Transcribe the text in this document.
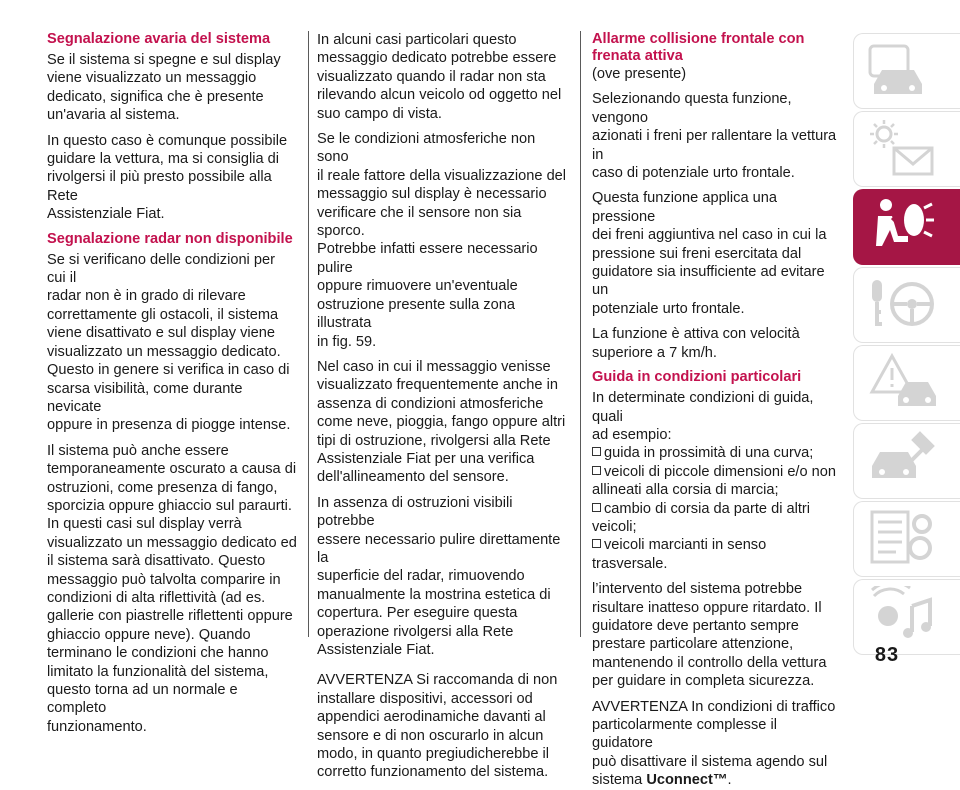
Segnalazione avaria del sistema

Se il sistema si spegne e sul display
viene visualizzato un messaggio
dedicato, significa che è presente
un'avaria al sistema.

In questo caso è comunque possibile
guidare la vettura, ma si consiglia di
rivolgersi il più presto possibile alla Rete
Assistenziale Fiat.

Segnalazione radar non disponibile

Se si verificano delle condizioni per cui il
radar non è in grado di rilevare
correttamente gli ostacoli, il sistema
viene disattivato e sul display viene
visualizzato un messaggio dedicato.
Questo in genere si verifica in caso di
scarsa visibilità, come durante nevicate
oppure in presenza di piogge intense.

Il sistema può anche essere
temporaneamente oscurato a causa di
ostruzioni, come presenza di fango,
sporcizia oppure ghiaccio sul paraurti.
In questi casi sul display verrà
visualizzato un messaggio dedicato ed
il sistema sarà disattivato. Questo
messaggio può talvolta comparire in
condizioni di alta riflettività (ad es.
gallerie con piastrelle riflettenti oppure
ghiaccio oppure neve). Quando
terminano le condizioni che hanno
limitato la funzionalità del sistema,
questo torna ad un normale e completo
funzionamento.

In alcuni casi particolari questo
messaggio dedicato potrebbe essere
visualizzato quando il radar non sta
rilevando alcun veicolo od oggetto nel
suo campo di vista.

Se le condizioni atmosferiche non sono
il reale fattore della visualizzazione del
messaggio sul display è necessario
verificare che il sensore non sia sporco.
Potrebbe infatti essere necessario pulire
oppure rimuovere un'eventuale
ostruzione presente sulla zona illustrata
in fig. 59.

Nel caso in cui il messaggio venisse
visualizzato frequentemente anche in
assenza di condizioni atmosferiche
come neve, pioggia, fango oppure altri
tipi di ostruzione, rivolgersi alla Rete
Assistenziale Fiat per una verifica
dell'allineamento del sensore.

In assenza di ostruzioni visibili potrebbe
essere necessario pulire direttamente la
superficie del radar, rimuovendo
manualmente la mostrina estetica di
copertura. Per eseguire questa
operazione rivolgersi alla Rete
Assistenziale Fiat.

AVVERTENZA Si raccomanda di non
installare dispositivi, accessori od
appendici aerodinamiche davanti al
sensore e di non oscurarlo in alcun
modo, in quanto pregiudicherebbe il
corretto funzionamento del sistema.

Allarme collisione frontale con
frenata attiva

(ove presente)

Selezionando questa funzione, vengono
azionati i freni per rallentare la vettura in
caso di potenziale urto frontale.

Questa funzione applica una pressione
dei freni aggiuntiva nel caso in cui la
pressione sui freni esercitata dal
guidatore sia insufficiente ad evitare un
potenziale urto frontale.

La funzione è attiva con velocità
superiore a 7 km/h.

Guida in condizioni particolari

In determinate condizioni di guida, quali
ad esempio:

guida in prossimità di una curva;
veicoli di piccole dimensioni e/o non
allineati alla corsia di marcia;
cambio di corsia da parte di altri
veicoli;
veicoli marcianti in senso trasversale.

l’intervento del sistema potrebbe
risultare inatteso oppure ritardato. Il
guidatore deve pertanto sempre
prestare particolare attenzione,
mantenendo il controllo della vettura
per guidare in completa sicurezza.

AVVERTENZA In condizioni di traffico
particolarmente complesse il guidatore
può disattivare il sistema agendo sul
sistema Uconnect™.

83
